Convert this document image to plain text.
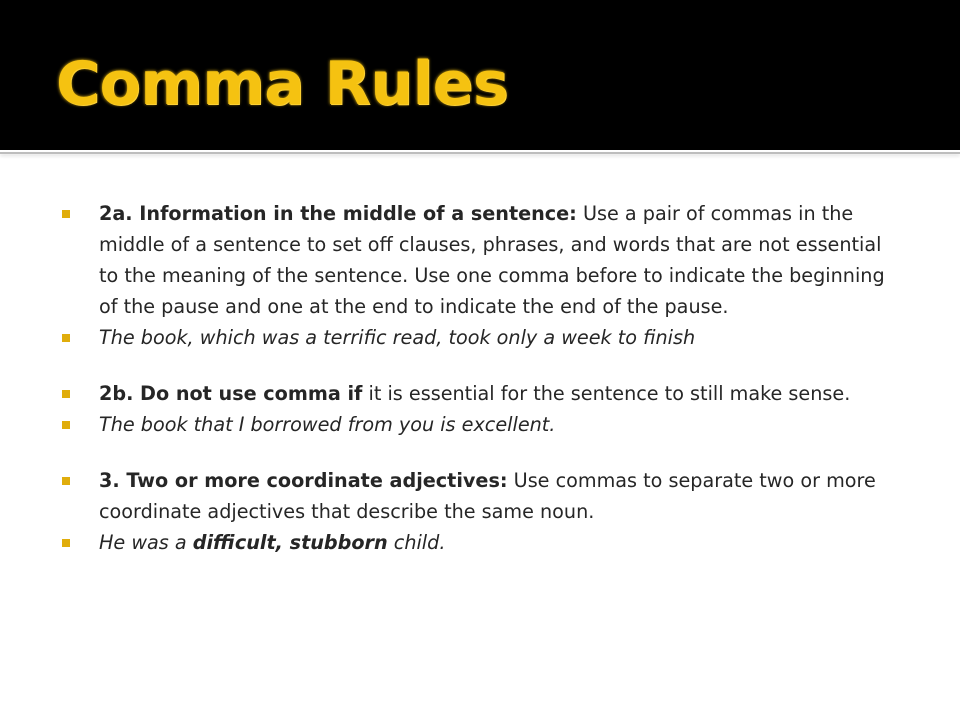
Comma Rules
2a. Information in the middle of a sentence: Use a pair of commas in the middle of a sentence to set off clauses, phrases, and words that are not essential to the meaning of the sentence. Use one comma before to indicate the beginning of the pause and one at the end to indicate the end of the pause.
The book, which was a terrific read, took only a week to finish
2b. Do not use comma if it is essential for the sentence to still make sense.
The book that I borrowed from you is excellent.
3. Two or more coordinate adjectives: Use commas to separate two or more coordinate adjectives that describe the same noun.
He was a difficult, stubborn child.
